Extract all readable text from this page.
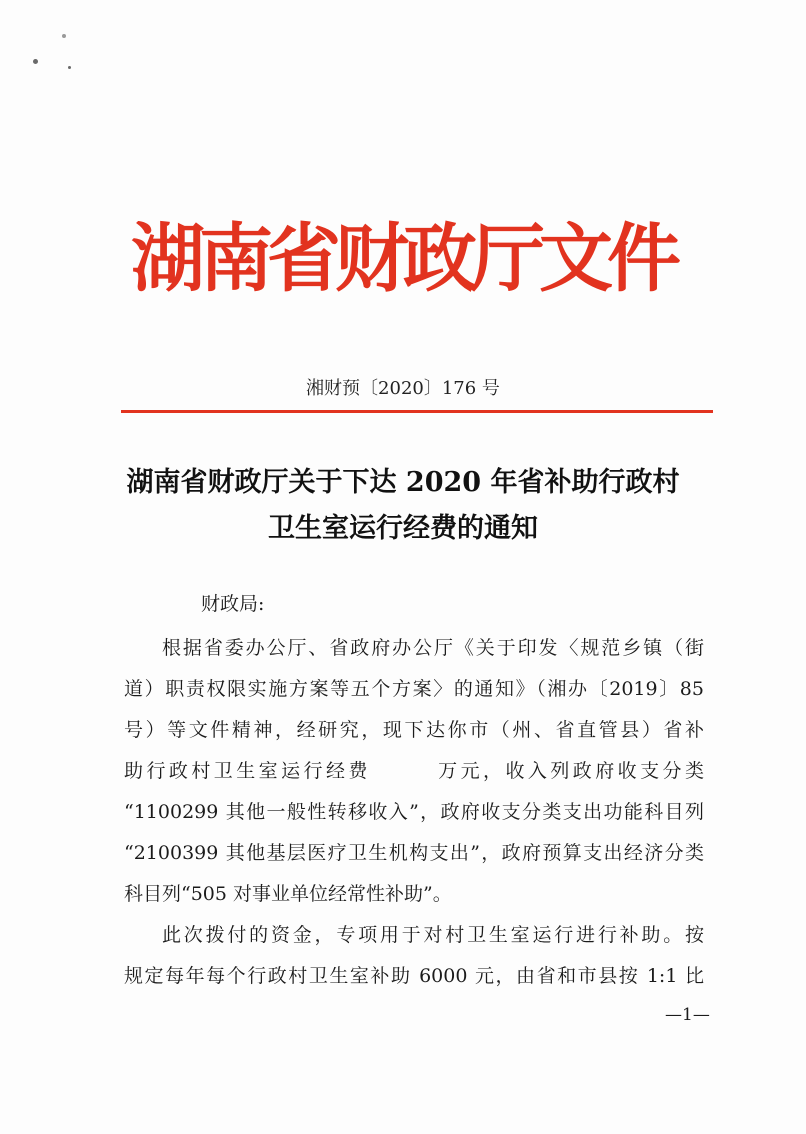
湖南省财政厅文件
湘财预〔2020〕176 号
湖南省财政厅关于下达 2020 年省补助行政村
卫生室运行经费的通知
财政局:
根据省委办公厅、省政府办公厅《关于印发〈规范乡镇（街
道）职责权限实施方案等五个方案〉的通知》（湘办〔2019〕85
号）等文件精神，经研究，现下达你市（州、省直管县）省补
助行政村卫生室运行经费　　　万元，收入列政府收支分类
“1100299 其他一般性转移收入”，政府收支分类支出功能科目列
“2100399 其他基层医疗卫生机构支出”，政府预算支出经济分类
科目列“505 对事业单位经常性补助”。
此次拨付的资金，专项用于对村卫生室运行进行补助。按
规定每年每个行政村卫生室补助 6000 元，由省和市县按 1:1 比
—1—
